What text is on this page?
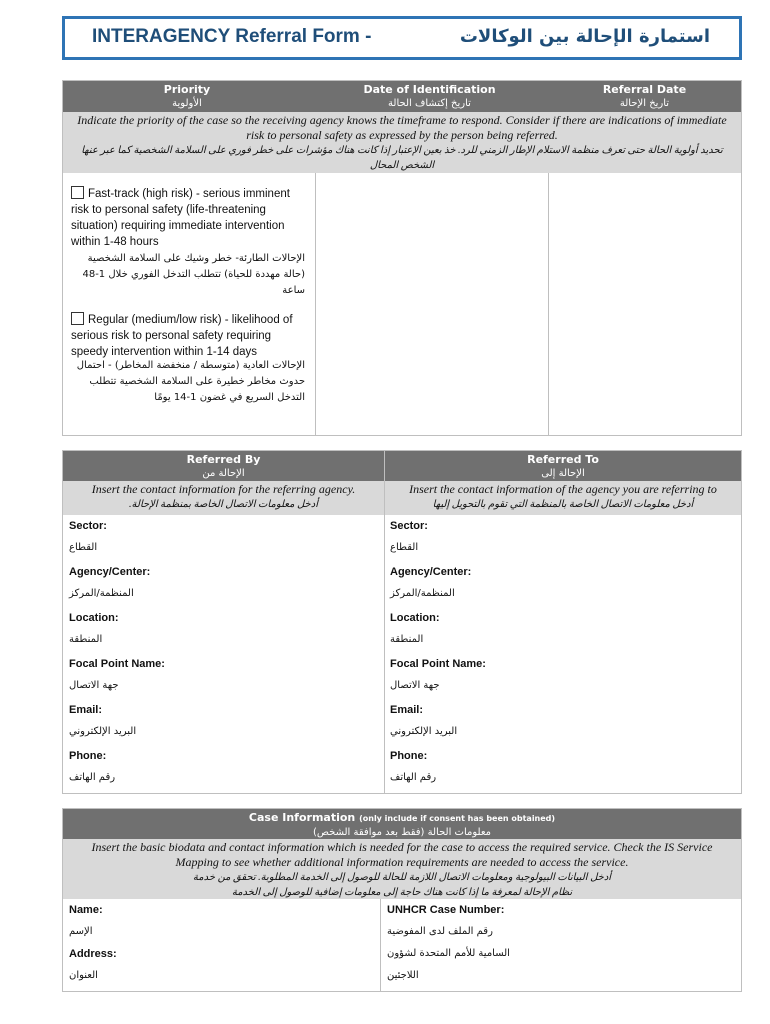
INTERAGENCY Referral Form -	استمارة الإحالة بين الوكالات
Priority
الأولوية
Date of Identification
تاريخ إكتشاف الحالة
Referral Date
تاريخ الإحالة
Indicate the priority of the case so the receiving agency knows the timeframe to respond. Consider if there are indications of immediate risk to personal safety as expressed by the person being referred.
تحديد أولوية الحالة حتى تعرف منظمة الاستلام الإطار الزمني للرد. خذ بعين الإعتبار إذا كانت هناك مؤشرات على خطر فوري على السلامة الشخصية كما عبر عنها الشخص المحال
Fast-track (high risk) - serious imminent risk to personal safety (life-threatening situation) requiring immediate intervention within 1-48 hours
الإحالات الطارئة- خطر وشيك على السلامة الشخصية (حالة مهددة للحياة) تتطلب التدخل الفوري خلال 1-48 ساعة
Regular (medium/low risk) - likelihood of serious risk to personal safety requiring speedy intervention within 1-14 days
الإحالات العادية (متوسطة / منخفضة المخاطر) - احتمال حدوث مخاطر خطيرة على السلامة الشخصية تتطلب التدخل السريع في غضون 1-14 يومًا
Referred By
الإحالة من
Referred To
الإحالة إلى
Insert the contact information for the referring agency.
أدخل معلومات الاتصال الخاصة بمنظمة الإحالة.
Insert the contact information of the agency you are referring to
أدخل معلومات الاتصال الخاصة بالمنظمة التي تقوم بالتحويل إليها
Sector:
القطاع
Agency/Center:
المنظمة/المركز
Location:
المنطقة
Focal Point Name:
جهة الاتصال
Email:
البريد الإلكتروني
Phone:
رقم الهاتف
Sector:
القطاع
Agency/Center:
المنظمة/المركز
Location:
المنطقة
Focal Point Name:
جهة الاتصال
Email:
البريد الإلكتروني
Phone:
رقم الهاتف
Case Information (only include if consent has been obtained)
معلومات الحالة (فقط بعد موافقة الشخص)
Insert the basic biodata and contact information which is needed for the case to access the required service. Check the IS Service Mapping to see whether additional information requirements are needed to access the service.
أدخل البيانات البيولوجية ومعلومات الاتصال اللازمة للحالة للوصول إلى الخدمة المطلوبة. تحقق من خدمة
نظام الإحالة لمعرفة ما إذا كانت هناك حاجة إلى معلومات إضافية للوصول إلى الخدمة
Name:
الإسم
Address:
العنوان
UNHCR Case Number:
رقم الملف لدى المفوضية
السامية للأمم المتحدة لشؤون
اللاجئين
